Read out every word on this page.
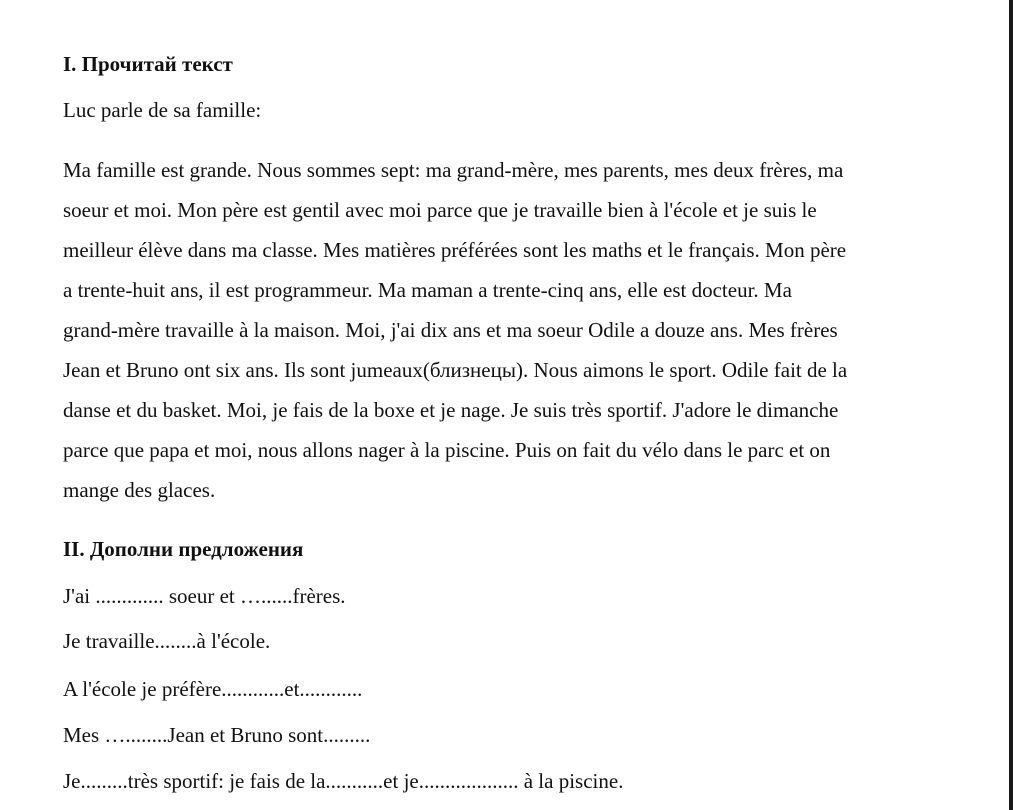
I. Прочитай текст

Luc parle de sa famille:

Ma famille est grande. Nous sommes sept: ma grand-mère, mes parents, mes deux frères, ma
soeur et moi. Mon père est gentil avec moi parce que je travaille bien à l'école et je suis le
meilleur élève dans ma classe. Mes matières préférées sont les maths et le français. Mon père
a trente-huit ans, il est programmeur. Ma maman a trente-cinq ans, elle est docteur. Ma
grand-mère travaille à la maison. Moi, j'ai dix ans et ma soeur Odile a douze ans. Mes frères
Jean et Bruno ont six ans. Ils sont jumeaux(близнецы). Nous aimons le sport. Odile fait de la
danse et du basket. Moi, je fais de la boxe et je nage. Je suis très sportif. J'adore le dimanche
parce que papa et moi, nous allons nager à la piscine. Puis on fait du vélo dans le parc et on
mange des glaces.
II. Дополни предложения

J'ai ............. soeur et …......frères.

Je travaille........à l'école.

A l'école je préfère............et............

Mes …........Jean et Bruno sont.........

Je.........très sportif: je fais de la...........et je................... à la piscine.
